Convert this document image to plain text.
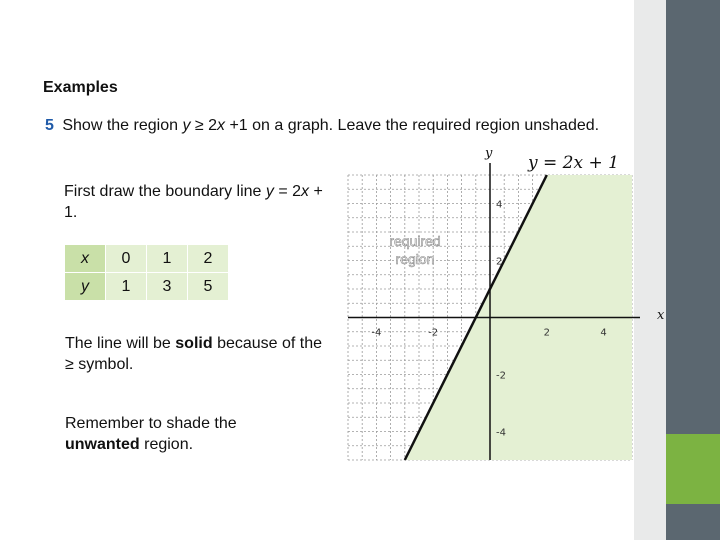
Examples
5 Show the region y ≥ 2x +1 on a graph. Leave the required region unshaded.
First draw the boundary line y = 2x + 1.
x	0	1	2
y	1	3	5
The line will be solid because of the ≥ symbol.
Remember to shade the unwanted region.
-4	-2	2	4
4
2
-2
-4
y = 2x + 1
y
x
required region
